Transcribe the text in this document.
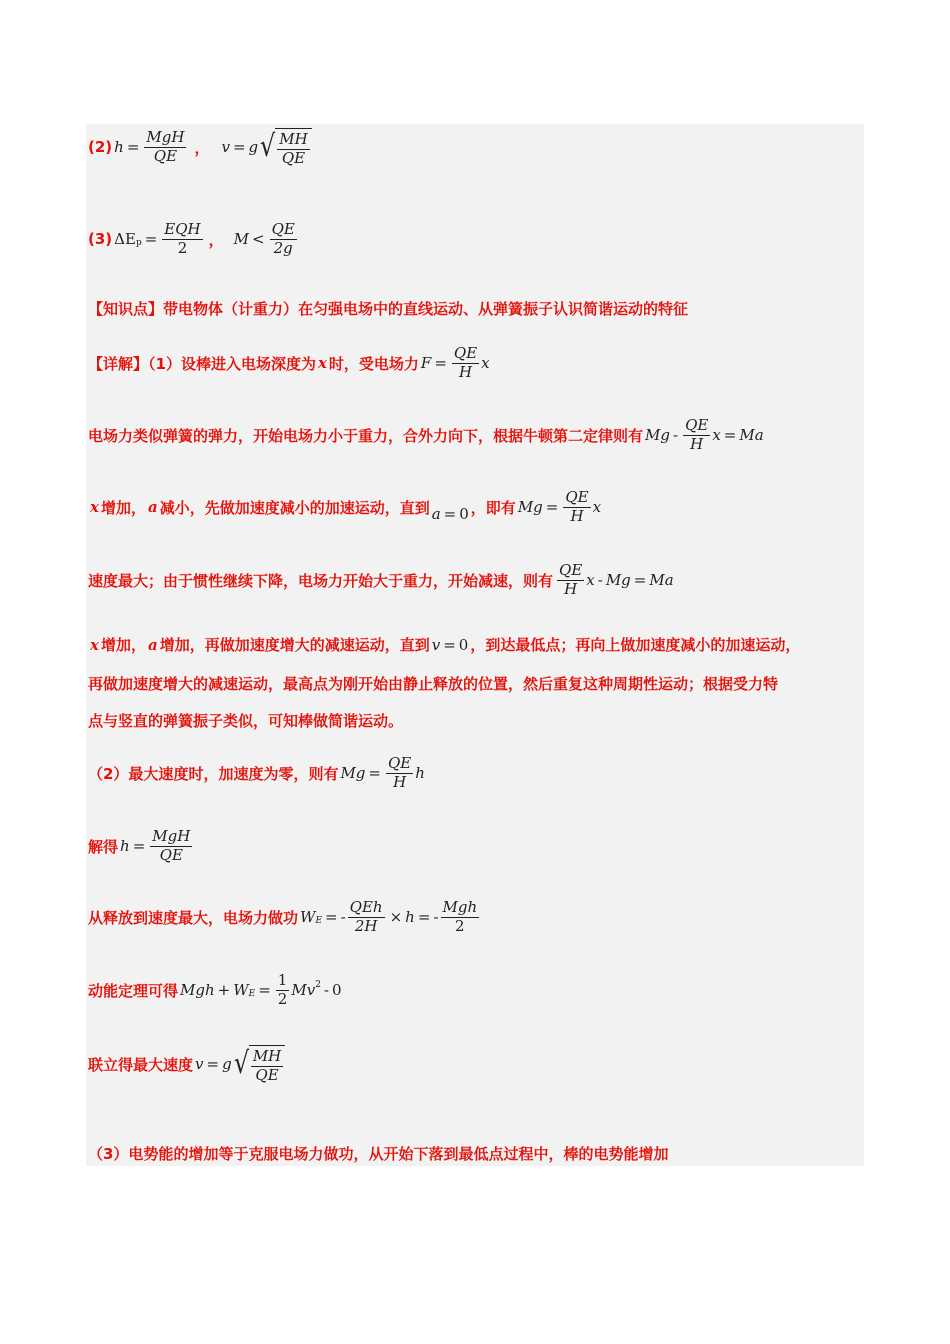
(2) $h = \frac{\text{MgH}}{QE}$ ， v = g √ $\frac{MH}{QE}$
(3) ΔE $p = \frac{\text{EQH}}{2}$ ， $M < \frac{QE}{2g}$
【知识点】带电物体（计重力）在匀强电场中的直线运动、从弹簧振子认识简谐运动的特征
【详解】（1）设棒进入电场深度为 x 时，受电场力 $F = \frac{QE}{H}$ x
电场力类似弹簧的弹力，开始电场力小于重力，合外力向下，根据牛顿第二定律则有 Mg - $\frac{QE}{H}$ x = Ma
x 增加， a 减小，先做加速度减小的加速运动，直到 a = 0 ，即有 $Mg = \frac{QE}{H}$ x
速度最大；由于惯性继续下降，电场力开始大于重力，开始减速，则有 $\frac{QE}{H}$ x - Mg = Ma
x 增加， a 增加，再做加速度增大的减速运动，直到 v = 0 ，到达最低点；再向上做加速度减小的加速运动，
再做加速度增大的减速运动，最高点为刚开始由静止释放的位置，然后重复这种周期性运动；根据受力特
点与竖直的弹簧振子类似，可知棒做简谐运动。
（2）最大速度时，加速度为零，则有 $Mg = \frac{QE}{H}$ h
解得 $h = \frac{\text{MgH}}{QE}$
从释放到速度最大，电场力做功 W E = - $\frac{\text{QEh}}{2H} \times h$ = - $\frac{\text{Mgh}}{2}$
动能定理可得 Mgh + W $E = \frac{1}{2}$ Mv 2 - 0
联立得最大速度 v = g √ $\frac{MH}{QE}$
（3）电势能的增加等于克服电场力做功，从开始下落到最低点过程中，棒的电势能增加
